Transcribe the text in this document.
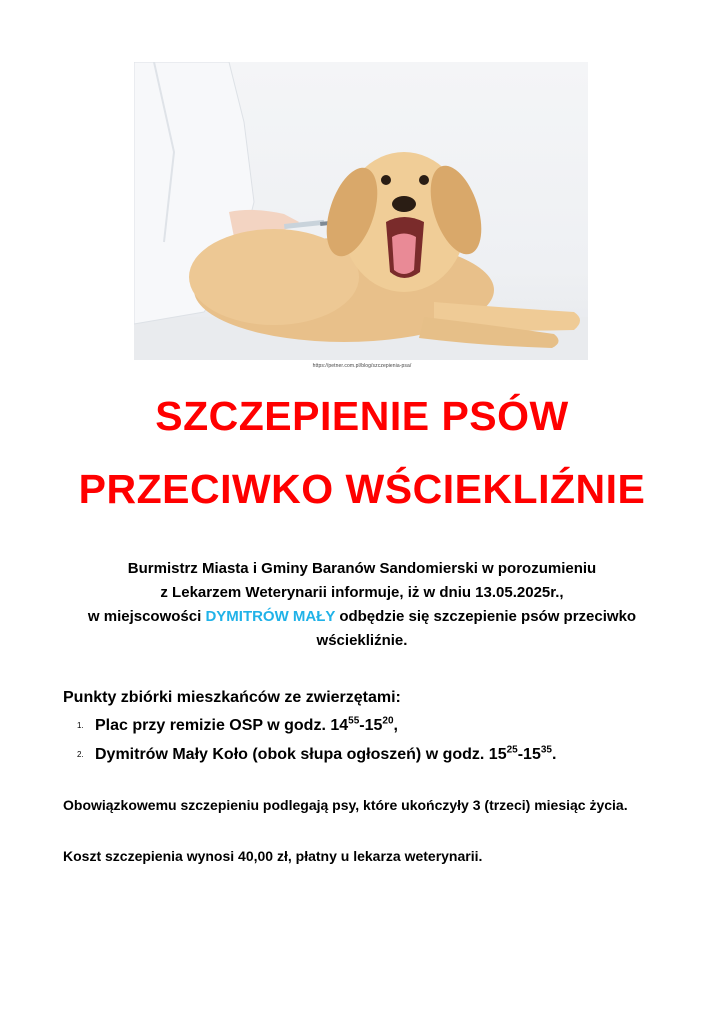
https://petner.com.pl/blog/szczepienia-psa/
SZCZEPIENIE PSÓW
PRZECIWKO WŚCIEKLIŹNIE
Burmistrz Miasta i Gminy Baranów Sandomierski w porozumieniu
z Lekarzem Weterynarii informuje, iż w dniu 13.05.2025r.,
w miejscowości DYMITRÓW MAŁY odbędzie się szczepienie psów przeciwko
wściekliźnie.
Punkty zbiórki mieszkańców ze zwierzętami:
1. Plac przy remizie OSP w godz. $14^{55}-15^{20}$,
2. Dymitrów Mały Koło (obok słupa ogłoszeń) w godz. $15^{25}-15^{35}$.
Obowiązkowemu szczepieniu podlegają psy, które ukończyły 3 (trzeci) miesiąc życia.
Koszt szczepienia wynosi 40,00 zł, płatny u lekarza weterynarii.
